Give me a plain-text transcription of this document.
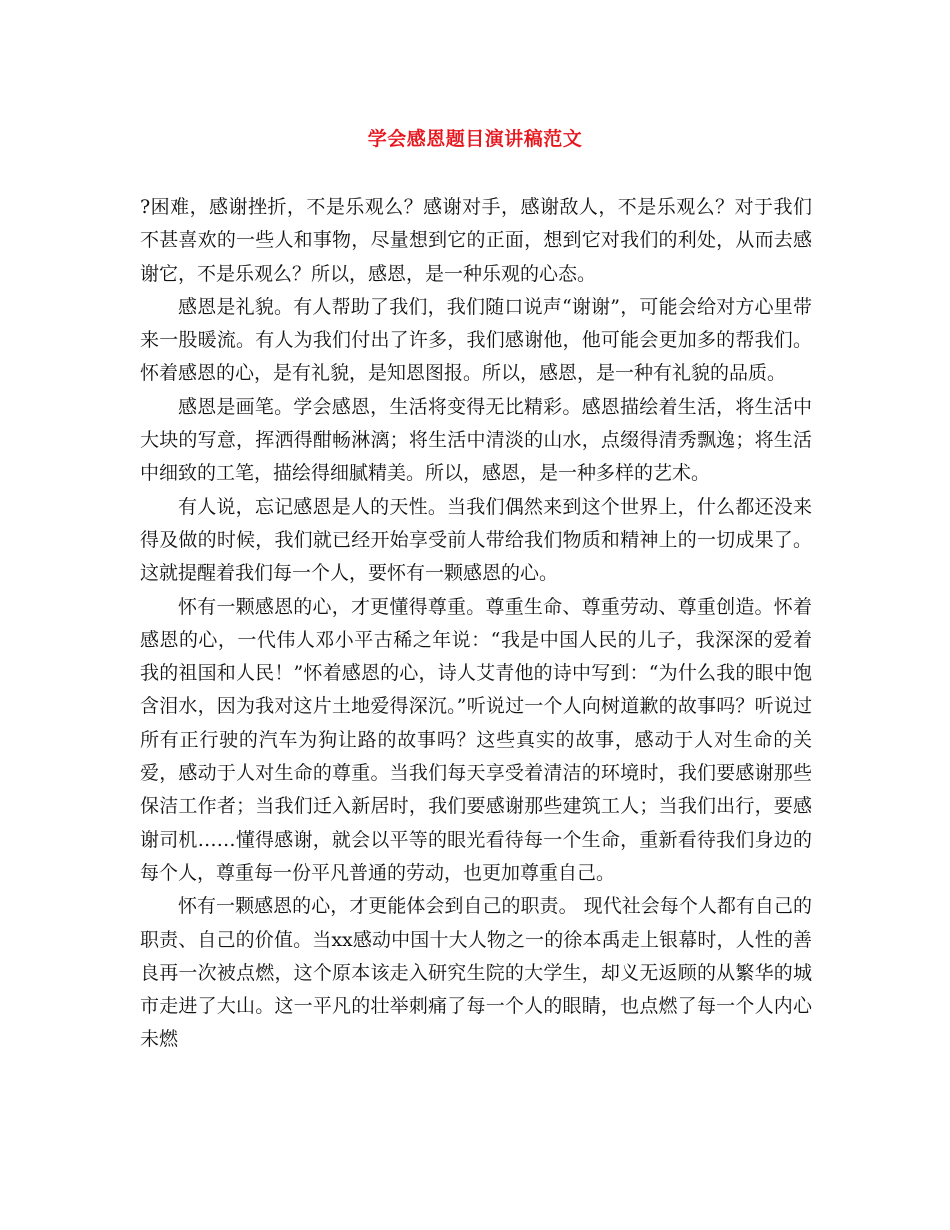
学会感恩题目演讲稿范文

?困难，感谢挫折，不是乐观么？感谢对手，感谢敌人，不是乐观么？对于我们不甚喜欢的一些人和事物，尽量想到它的正面，想到它对我们的利处，从而去感谢它，不是乐观么？所以，感恩，是一种乐观的心态。

感恩是礼貌。有人帮助了我们，我们随口说声“谢谢”，可能会给对方心里带来一股暖流。有人为我们付出了许多，我们感谢他，他可能会更加多的帮我们。怀着感恩的心，是有礼貌，是知恩图报。所以，感恩，是一种有礼貌的品质。

感恩是画笔。学会感恩，生活将变得无比精彩。感恩描绘着生活，将生活中大块的写意，挥洒得酣畅淋漓；将生活中清淡的山水，点缀得清秀飘逸；将生活中细致的工笔，描绘得细腻精美。所以，感恩，是一种多样的艺术。

有人说，忘记感恩是人的天性。当我们偶然来到这个世界上，什么都还没来得及做的时候，我们就已经开始享受前人带给我们物质和精神上的一切成果了。这就提醒着我们每一个人，要怀有一颗感恩的心。

怀有一颗感恩的心，才更懂得尊重。尊重生命、尊重劳动、尊重创造。怀着感恩的心，一代伟人邓小平古稀之年说：“我是中国人民的儿子，我深深的爱着我的祖国和人民！”怀着感恩的心，诗人艾青他的诗中写到：“为什么我的眼中饱含泪水，因为我对这片土地爱得深沉。”听说过一个人向树道歉的故事吗？听说过所有正行驶的汽车为狗让路的故事吗？这些真实的故事，感动于人对生命的关爱，感动于人对生命的尊重。当我们每天享受着清洁的环境时，我们要感谢那些保洁工作者；当我们迁入新居时，我们要感谢那些建筑工人；当我们出行，要感谢司机……懂得感谢，就会以平等的眼光看待每一个生命，重新看待我们身边的每个人，尊重每一份平凡普通的劳动，也更加尊重自己。

怀有一颗感恩的心，才更能体会到自己的职责。 现代社会每个人都有自己的职责、自己的价值。当xx感动中国十大人物之一的徐本禹走上银幕时，人性的善良再一次被点燃，这个原本该走入研究生院的大学生，却义无返顾的从繁华的城市走进了大山。这一平凡的壮举刺痛了每一个人的眼睛，也点燃了每一个人内心未燃
